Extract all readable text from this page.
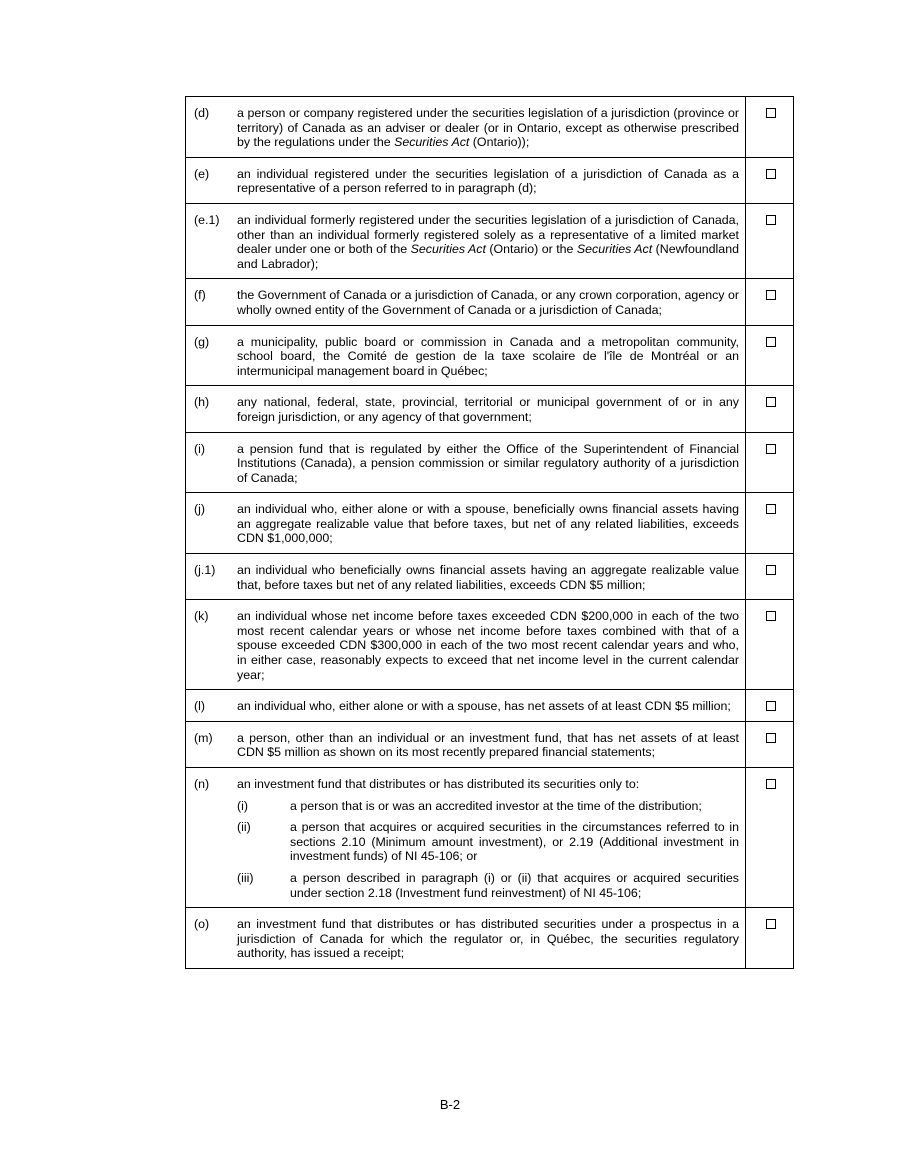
(d)	a person or company registered under the securities legislation of a jurisdiction (province or territory) of Canada as an adviser or dealer (or in Ontario, except as otherwise prescribed by the regulations under the Securities Act (Ontario));
(e)	an individual registered under the securities legislation of a jurisdiction of Canada as a representative of a person referred to in paragraph (d);
(e.1)	an individual formerly registered under the securities legislation of a jurisdiction of Canada, other than an individual formerly registered solely as a representative of a limited market dealer under one or both of the Securities Act (Ontario) or the Securities Act (Newfoundland and Labrador);
(f)	the Government of Canada or a jurisdiction of Canada, or any crown corporation, agency or wholly owned entity of the Government of Canada or a jurisdiction of Canada;
(g)	a municipality, public board or commission in Canada and a metropolitan community, school board, the Comité de gestion de la taxe scolaire de l'île de Montréal or an intermunicipal management board in Québec;
(h)	any national, federal, state, provincial, territorial or municipal government of or in any foreign jurisdiction, or any agency of that government;
(i)	a pension fund that is regulated by either the Office of the Superintendent of Financial Institutions (Canada), a pension commission or similar regulatory authority of a jurisdiction of Canada;
(j)	an individual who, either alone or with a spouse, beneficially owns financial assets having an aggregate realizable value that before taxes, but net of any related liabilities, exceeds CDN $1,000,000;
(j.1)	an individual who beneficially owns financial assets having an aggregate realizable value that, before taxes but net of any related liabilities, exceeds CDN $5 million;
(k)	an individual whose net income before taxes exceeded CDN $200,000 in each of the two most recent calendar years or whose net income before taxes combined with that of a spouse exceeded CDN $300,000 in each of the two most recent calendar years and who, in either case, reasonably expects to exceed that net income level in the current calendar year;
(l)	an individual who, either alone or with a spouse, has net assets of at least CDN $5 million;
(m)	a person, other than an individual or an investment fund, that has net assets of at least CDN $5 million as shown on its most recently prepared financial statements;
(n)	an investment fund that distributes or has distributed its securities only to:
(i)	a person that is or was an accredited investor at the time of the distribution;
(ii)	a person that acquires or acquired securities in the circumstances referred to in sections 2.10 (Minimum amount investment), or 2.19 (Additional investment in investment funds) of NI 45-106; or
(iii)	a person described in paragraph (i) or (ii) that acquires or acquired securities under section 2.18 (Investment fund reinvestment) of NI 45-106;
(o)	an investment fund that distributes or has distributed securities under a prospectus in a jurisdiction of Canada for which the regulator or, in Québec, the securities regulatory authority, has issued a receipt;
B-2
